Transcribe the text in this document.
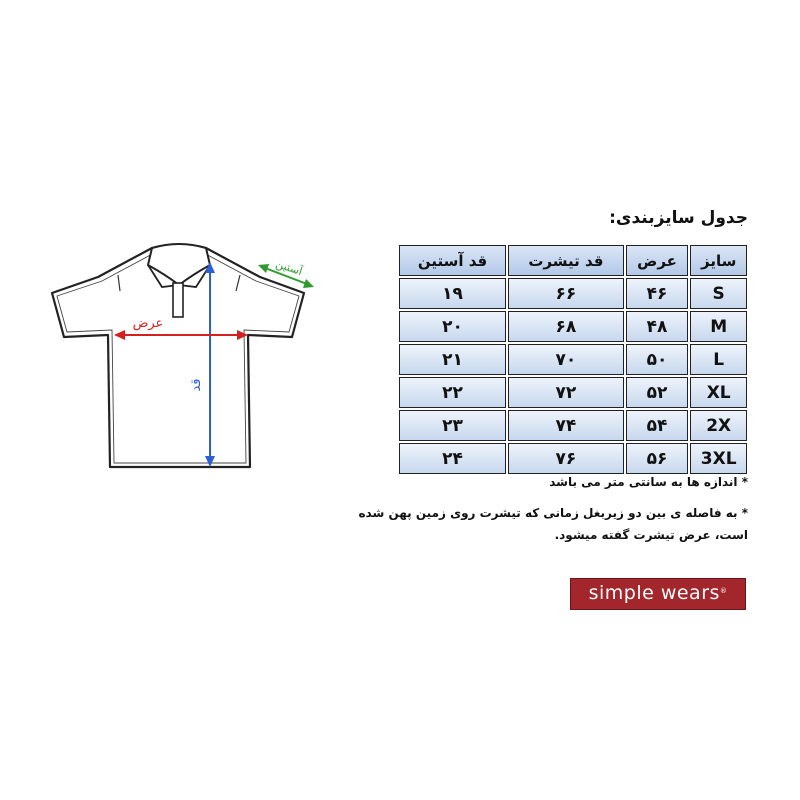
آستین
عرض
قد
جدول سایزبندی:
سایز	عرض	قد تیشرت	قد آستین
S	۴۶	۶۶	۱۹
M	۴۸	۶۸	۲۰
L	۵۰	۷۰	۲۱
XL	۵۲	۷۲	۲۲
2X	۵۴	۷۴	۲۳
3XL	۵۶	۷۶	۲۴
* اندازه ها به سانتی متر می باشد
* به فاصله ی بین دو زیربغل زمانی که تیشرت روی زمین پهن شده
است، عرض تیشرت گفته میشود.
simple wears®
